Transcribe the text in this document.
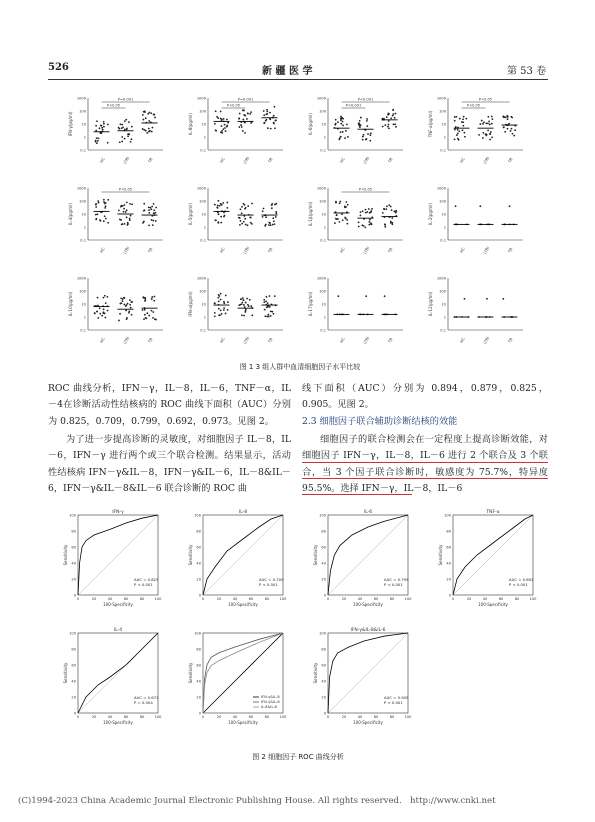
526	新 疆 医 学	第 53 卷
1000
100
10
1
0.1
IFN-γ(pg/ml)
HC	LTBI	TB
P=0.001
P<0.05
1000
100
10
1
0.1
IL-8(pg/ml)
HC	LTBI	TB
P=0.001
P<0.05
1000
100
10
1
0.1
IL-6(pg/ml)
HC	LTBI	TB
P<0.001
P<0.001
1000
100
10
1
0.1
TNF-α(pg/ml)
HC	LTBI	TB
P<0.05
P<0.05
1000
100
10
1
0.1
IL-4(pg/ml)
HC	LTBI	TB
P<0.05	1000
100
10
1
0.1
IL-5(pg/ml)
HC	LTBI	TB
1000
100
10
1
0.1
IL-1β(pg/ml)
HC	LTBI	TB
P<0.05	1000
100
10
1
0.1
IL-2(pg/ml)
HC	LTBI	TB
1000
100
10
1
0.1
IL-10(pg/ml)
HC	LTBI	TB
1000
100
10
1
0.1
IFN-α(pg/ml)
HC	LTBI	TB
1000
100
10
1
0.1
IL-17(pg/ml)
HC	LTBI	TB
1000
100
10
1
0.1
IL-12(pg/ml)
HC	LTBI	TB
图 1 3 组人群中血清细胞因子水平比较
ROC 曲线分析，IFN－γ，IL－8，IL－6，TNF－α，IL－4在诊断活动性结核病的 ROC 曲线下面积（AUC）分别为 0.825，0.709，0.799，0.692，0.973。见图 2。
为了进一步提高诊断的灵敏度，对细胞因子 IL－8，IL－6，IFN－γ 进行两个或三个联合检测。结果显示，活动性结核病 IFN－γ&IL－8，IFN－γ&IL－6，IL－8&IL－6，IFN－γ&IL－8&IL－6 联合诊断的 ROC 曲
线下面积（AUC）分别为 0.894，0.879，0.825，0.905。见图 2。
2.3 细胞因子联合辅助诊断结核的效能
细胞因子的联合检测会在一定程度上提高诊断效能，对细胞因子 IFN－γ，IL－8，IL－6 进行 2 个联合及 3 个联合，当 3 个因子联合诊断时，敏感度为 75.7%，特异度 95.5%。选择 IFN－γ，IL－8，IL－6
IFN-γ
0
0
20
20
40
40
60
60
80
80
100
100
100-Specificity
Sensitivity
AUC = 0.825
P < 0.001
IL-8
0
0
20
20
40
40
60
60
80
80
100
100
100-Specificity
Sensitivity
AUC = 0.709
P < 0.001
IL-6
0
0
20
20
40
40
60
60
80
80
100
100
100-Specificity
Sensitivity
AUC = 0.799
P < 0.001
TNF-α
0
0
20
20
40
40
60
60
80
80
100
100
100-Specificity
Sensitivity
AUC = 0.692
P < 0.001
IL-4
0
0
20
20
40
40
60
60
80
80
100
100
100-Specificity
Sensitivity
AUC = 0.673
P = 0.004
0
0
20
20
40
40
60
60
80
80
100
100
100-Specificity
Sensitivity
IFN-γ&IL-8
IFN-γ&IL-6
IL-8&IL-6
IFN-γ&IL-8&IL-6
0
0
20
20
40
40
60
60
80
80
100
100
100-Specificity
Sensitivity
AUC = 0.905
P < 0.001
图 2 细胞因子 ROC 曲线分析
(C)1994-2023 China Academic Journal Electronic Publishing House. All rights reserved. http://www.cnki.net
